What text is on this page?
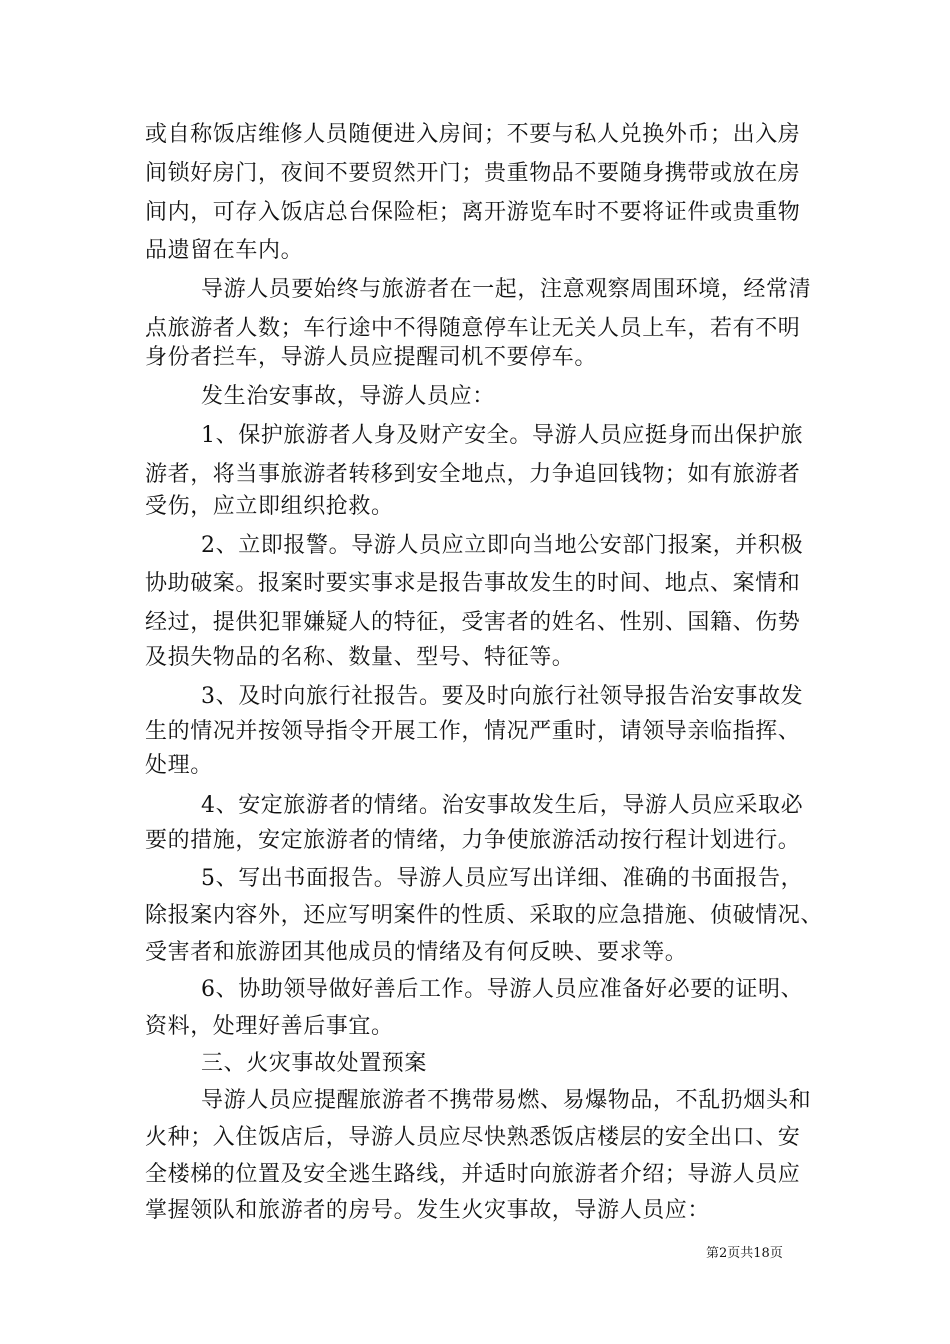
或自称饭店维修人员随便进入房间；不要与私人兑换外币；出入房
间锁好房门，夜间不要贸然开门；贵重物品不要随身携带或放在房
间内，可存入饭店总台保险柜；离开游览车时不要将证件或贵重物
品遗留在车内。
导游人员要始终与旅游者在一起，注意观察周围环境，经常清
点旅游者人数；车行途中不得随意停车让无关人员上车，若有不明
身份者拦车，导游人员应提醒司机不要停车。
发生治安事故，导游人员应：
1、保护旅游者人身及财产安全。导游人员应挺身而出保护旅
游者，将当事旅游者转移到安全地点，力争追回钱物；如有旅游者
受伤，应立即组织抢救。
2、立即报警。导游人员应立即向当地公安部门报案，并积极
协助破案。报案时要实事求是报告事故发生的时间、地点、案情和
经过，提供犯罪嫌疑人的特征，受害者的姓名、性别、国籍、伤势
及损失物品的名称、数量、型号、特征等。
3、及时向旅行社报告。要及时向旅行社领导报告治安事故发
生的情况并按领导指令开展工作，情况严重时，请领导亲临指挥、
处理。
4、安定旅游者的情绪。治安事故发生后，导游人员应采取必
要的措施，安定旅游者的情绪，力争使旅游活动按行程计划进行。
5、写出书面报告。导游人员应写出详细、准确的书面报告，
除报案内容外，还应写明案件的性质、采取的应急措施、侦破情况、
受害者和旅游团其他成员的情绪及有何反映、要求等。
6、协助领导做好善后工作。导游人员应准备好必要的证明、
资料，处理好善后事宜。
三、火灾事故处置预案
导游人员应提醒旅游者不携带易燃、易爆物品，不乱扔烟头和
火种；入住饭店后，导游人员应尽快熟悉饭店楼层的安全出口、安
全楼梯的位置及安全逃生路线，并适时向旅游者介绍；导游人员应
掌握领队和旅游者的房号。发生火灾事故，导游人员应：
第2页共18页
